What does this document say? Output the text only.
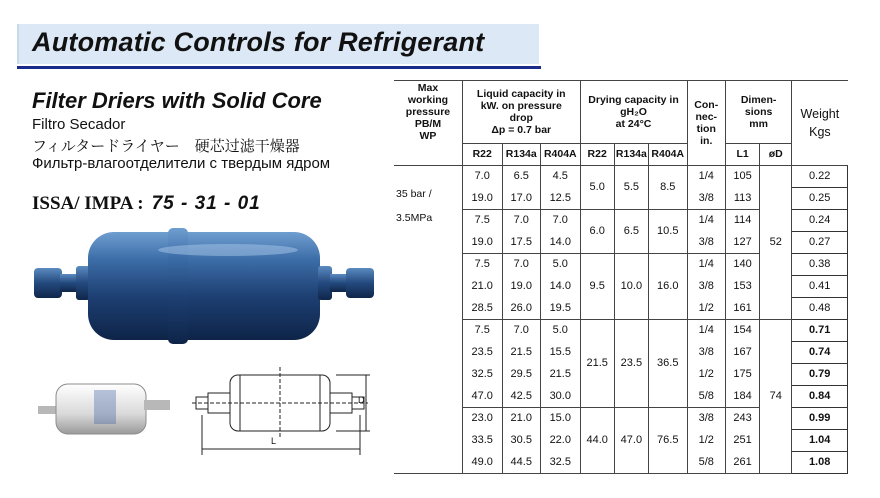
Automatic Controls for Refrigerant
Filter Driers with Solid Core
Filtro Secador
フィルタードライヤー　硬芯过滤干燥器
Фильтр-влагоотделители с твердым ядром
ISSA/ IMPA : 75 - 31 - 01
L
D
Max
working
pressure
PB/M
WP	Liquid capacity in
kW. on pressure
drop
Δp = 0.7 bar			Drying capacity in
gH₂O
at 24°C			Con-
nec-
tion
in.	Dimen-
sions
mm		Weight
Kgs
	R22	R134a	R404A	R22	R134a	R404A		L1	øD	
35 bar /

3.5MPa	7.0	6.5	4.5	5.0	5.5	8.5	1/4	105	52	0.22
	19.0	17.0	12.5				3/8	113		0.25
	7.5	7.0	7.0	6.0	6.5	10.5	1/4	114		0.24
	19.0	17.5	14.0				3/8	127		0.27
	7.5	7.0	5.0	9.5	10.0	16.0	1/4	140		0.38
	21.0	19.0	14.0				3/8	153		0.41
	28.5	26.0	19.5				1/2	161		0.48
	7.5	7.0	5.0	21.5	23.5	36.5	1/4	154	74	0.71
	23.5	21.5	15.5				3/8	167		0.74
	32.5	29.5	21.5				1/2	175		0.79
	47.0	42.5	30.0				5/8	184		0.84
	23.0	21.0	15.0	44.0	47.0	76.5	3/8	243		0.99
	33.5	30.5	22.0				1/2	251		1.04
	49.0	44.5	32.5				5/8	261		1.08
